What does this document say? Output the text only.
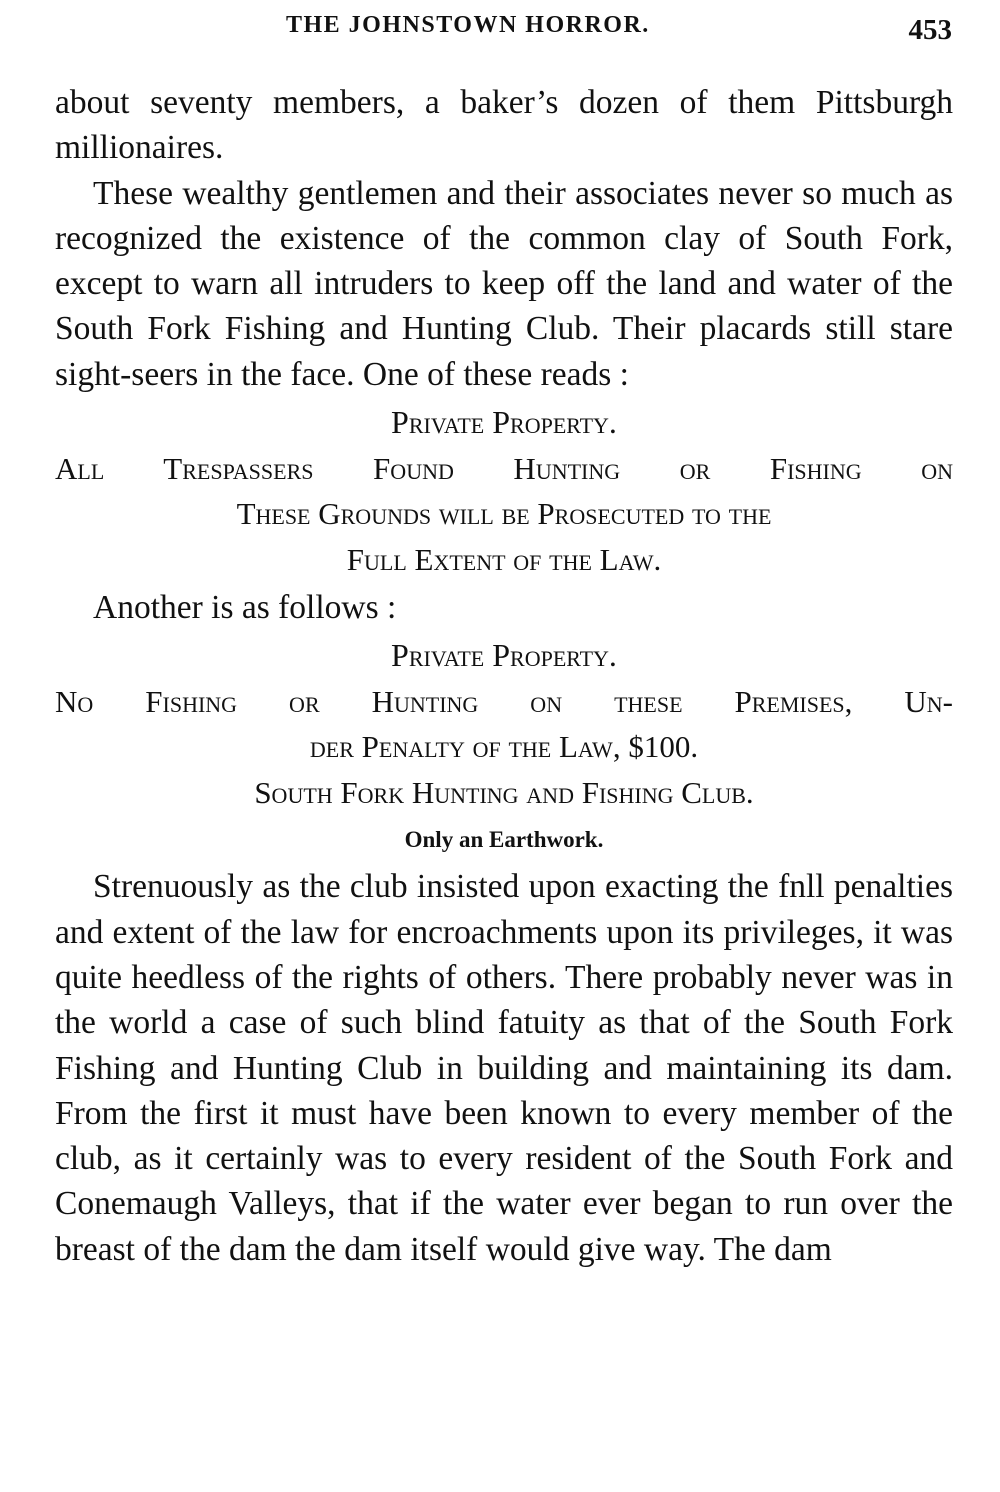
THE JOHNSTOWN HORROR.	453

about seventy members, a baker’s dozen of them Pittsburgh millionaires.

These wealthy gentlemen and their associates never so much as recognized the existence of the common clay of South Fork, except to warn all intruders to keep off the land and water of the South Fork Fishing and Hunting Club. Their placards still stare sight-seers in the face. One of these reads :

Private Property.
All Trespassers Found Hunting or Fishing on
These Grounds will be Prosecuted to the
Full Extent of the Law.

Another is as follows :

Private Property.
No Fishing or Hunting on these Premises, Un-
der Penalty of the Law, $100.
South Fork Hunting and Fishing Club.
Only an Earthwork.

Strenuously as the club insisted upon exacting the fnll penalties and extent of the law for encroachments upon its privileges, it was quite heedless of the rights of others. There probably never was in the world a case of such blind fatuity as that of the South Fork Fishing and Hunting Club in building and maintaining its dam. From the first it must have been known to every member of the club, as it certainly was to every resident of the South Fork and Conemaugh Valleys, that if the water ever began to run over the breast of the dam the dam itself would give way. The dam
